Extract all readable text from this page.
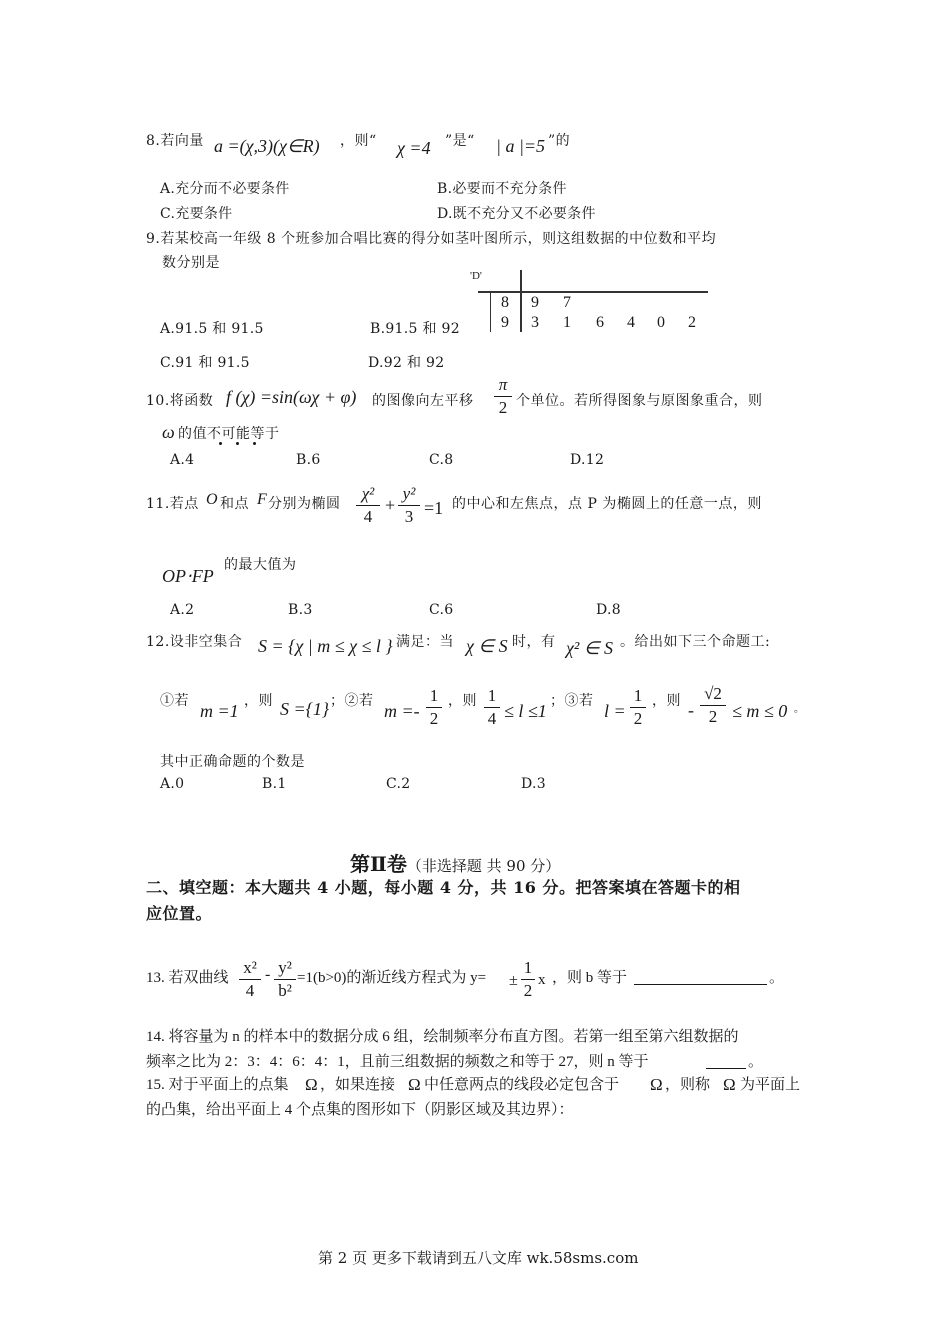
8.若向量 a =(χ,3)(χ∈R) ，则“ χ =4 ”是“ | a |=5 ”的
A.充分而不必要条件	B.必要而不充分条件
C.充要条件	D.既不充分又不必要条件
9.若某校高一年级 8 个班参加合唱比赛的得分如茎叶图所示，则这组数据的中位数和平均
数分别是
'D'
8 9 7
9 3 1 6 4 0 2
A.91.5 和 91.5	B.91.5 和 92
C.91 和 91.5	D.92 和 92
10.将函数 f (χ) =sin(ωχ + φ) 的图像向左平移
π
2 个单位。若所得图象与原图象重合，则
ω 的值不可能等于
A.4	B.6	C.8	D.12
11.若点 O 和点 F 分别为椭圆
χ²
4
+
y²
3 =1 的中心和左焦点，点 P 为椭圆上的任意一点，则
OP⋅FP
的最大值为
A.2	B.3	C.6	D.8
12.设非空集合 S = {χ | m ≤ χ ≤ l } 满足：当 χ ∈ S 时，有 χ² ∈ S 。给出如下三个命题工:
①若 m =1 ，则 S ={1} ；②若 m =-
1
2
，则 1
4 ≤ l ≤1 ；③若 l =
1
2
，则 -
√2
2 ≤ m ≤ 0 。
其中正确命题的个数是
A.0	B.1	C.2	D.3
第Ⅱ卷（非选择题 共 90 分）
二、填空题：本大题共 4 小题，每小题 4 分，共 16 分。把答案填在答题卡的相
应位置。
13. 若双曲线
x²
4
- y²
b²
=1(b>0)的渐近线方程式为 y= ±
1
2
x ，则 b 等于	。
14. 将容量为 n 的样本中的数据分成 6 组，绘制频率分布直方图。若第一组至第六组数据的
频率之比为 2：3：4：6：4：1，且前三组数据的频数之和等于 27，则 n 等于	。
15. 对于平面上的点集 Ω ，如果连接 Ω 中任意两点的线段必定包含于 Ω ，则称 Ω 为平面上
的凸集，给出平面上 4 个点集的图形如下（阴影区域及其边界）：
第 2 页 更多下载请到五八文库 wk.58sms.com
